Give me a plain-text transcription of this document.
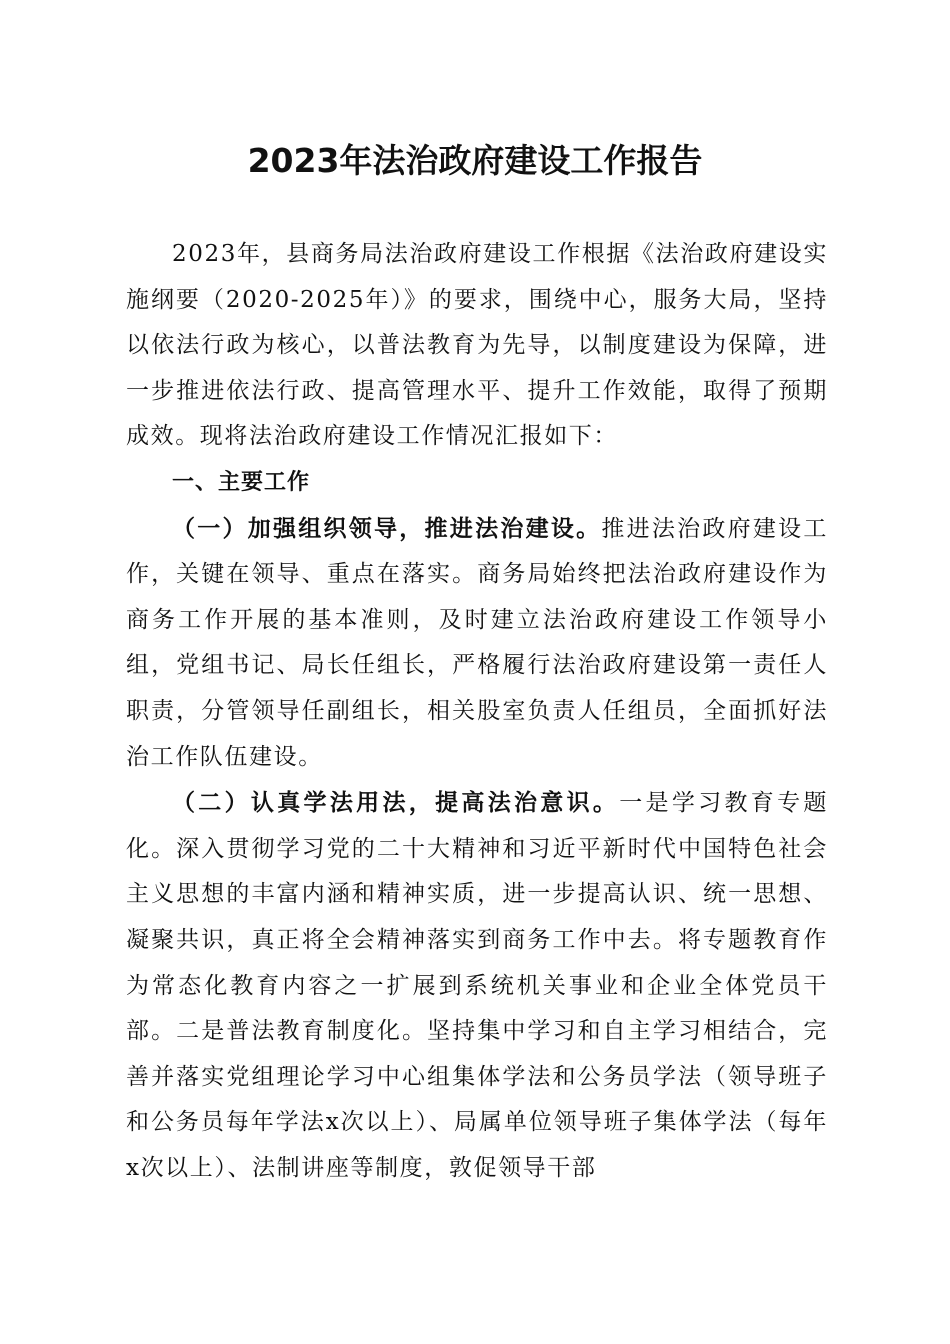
2023年法治政府建设工作报告

2023年，县商务局法治政府建设工作根据《法治政府建设实施纲要（2020-2025年）》的要求，围绕中心，服务大局，坚持以依法行政为核心，以普法教育为先导，以制度建设为保障，进一步推进依法行政、提高管理水平、提升工作效能，取得了预期成效。现将法治政府建设工作情况汇报如下：

一、主要工作

（一）加强组织领导，推进法治建设。推进法治政府建设工作，关键在领导、重点在落实。商务局始终把法治政府建设作为商务工作开展的基本准则，及时建立法治政府建设工作领导小组，党组书记、局长任组长，严格履行法治政府建设第一责任人职责，分管领导任副组长，相关股室负责人任组员，全面抓好法治工作队伍建设。

（二）认真学法用法，提高法治意识。一是学习教育专题化。深入贯彻学习党的二十大精神和习近平新时代中国特色社会主义思想的丰富内涵和精神实质，进一步提高认识、统一思想、凝聚共识，真正将全会精神落实到商务工作中去。将专题教育作为常态化教育内容之一扩展到系统机关事业和企业全体党员干部。二是普法教育制度化。坚持集中学习和自主学习相结合，完善并落实党组理论学习中心组集体学法和公务员学法（领导班子和公务员每年学法x次以上）、局属单位领导班子集体学法（每年x次以上）、法制讲座等制度，敦促领导干部
